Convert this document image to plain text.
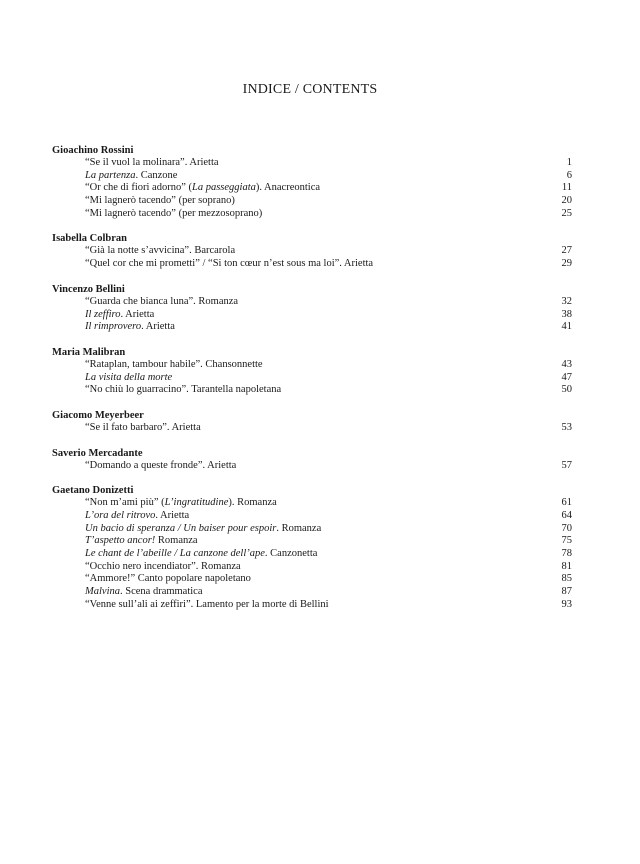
INDICE / CONTENTS
Gioachino Rossini
“Se il vuol la molinara”. Arietta	1
La partenza. Canzone	6
“Or che di fiori adorno” (La passeggiata). Anacreontica	11
“Mi lagnerò tacendo” (per soprano)	20
“Mi lagnerò tacendo” (per mezzosoprano)	25
Isabella Colbran
“Già la notte s’avvicina”. Barcarola	27
“Quel cor che mi prometti” / “Si ton cœur n’est sous ma loi”. Arietta	29
Vincenzo Bellini
“Guarda che bianca luna”. Romanza	32
Il zeffiro. Arietta	38
Il rimprovero. Arietta	41
Maria Malibran
“Rataplan, tambour habile”. Chansonnette	43
La visita della morte	47
“No chiù lo guarracino”. Tarantella napoletana	50
Giacomo Meyerbeer
“Se il fato barbaro”. Arietta	53
Saverio Mercadante
“Domando a queste fronde”. Arietta	57
Gaetano Donizetti
“Non m’ami più” (L’ingratitudine). Romanza	61
L’ora del ritrovo. Arietta	64
Un bacio di speranza / Un baiser pour espoir. Romanza	70
T’aspetto ancor! Romanza	75
Le chant de l’abeille / La canzone dell’ape. Canzonetta	78
“Occhio nero incendiator”. Romanza	81
“Ammore!” Canto popolare napoletano	85
Malvina. Scena drammatica	87
“Venne sull’ali ai zeffiri”. Lamento per la morte di Bellini	93
